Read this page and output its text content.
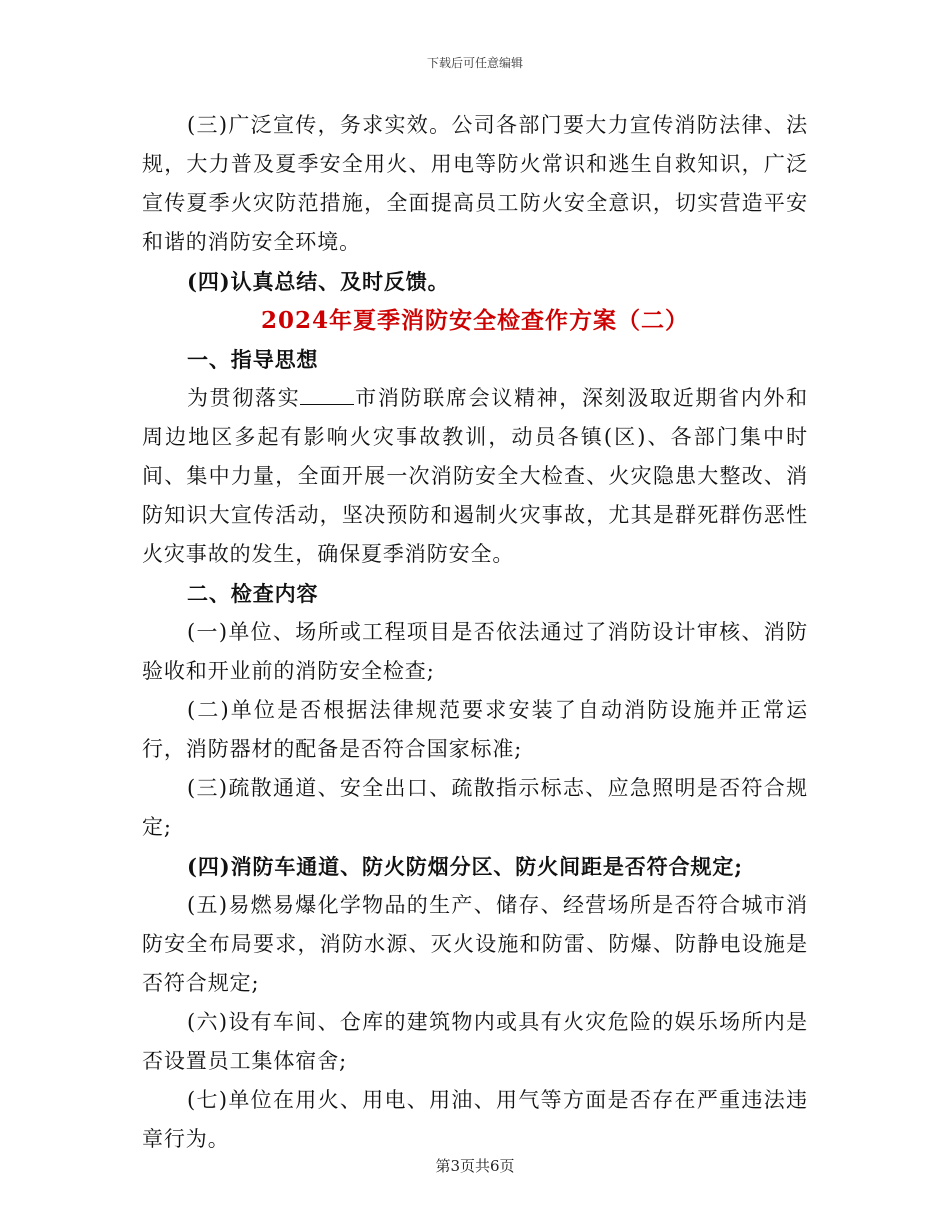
下载后可任意编辑

(三)广泛宣传，务求实效。公司各部门要大力宣传消防法律、法规，大力普及夏季安全用火、用电等防火常识和逃生自救知识，广泛宣传夏季火灾防范措施，全面提高员工防火安全意识，切实营造平安和谐的消防安全环境。

(四)认真总结、及时反馈。

2024年夏季消防安全检查作方案（二）

一、指导思想

为贯彻落实	市消防联席会议精神，深刻汲取近期省内外和周边地区多起有影响火灾事故教训，动员各镇(区)、各部门集中时间、集中力量，全面开展一次消防安全大检查、火灾隐患大整改、消防知识大宣传活动，坚决预防和遏制火灾事故，尤其是群死群伤恶性火灾事故的发生，确保夏季消防安全。

二、检查内容

(一)单位、场所或工程项目是否依法通过了消防设计审核、消防验收和开业前的消防安全检查;

(二)单位是否根据法律规范要求安装了自动消防设施并正常运行，消防器材的配备是否符合国家标准;

(三)疏散通道、安全出口、疏散指示标志、应急照明是否符合规定;

(四)消防车通道、防火防烟分区、防火间距是否符合规定;

(五)易燃易爆化学物品的生产、储存、经营场所是否符合城市消防安全布局要求，消防水源、灭火设施和防雷、防爆、防静电设施是否符合规定;

(六)设有车间、仓库的建筑物内或具有火灾危险的娱乐场所内是否设置员工集体宿舍;

(七)单位在用火、用电、用油、用气等方面是否存在严重违法违章行为。

第3页共6页
